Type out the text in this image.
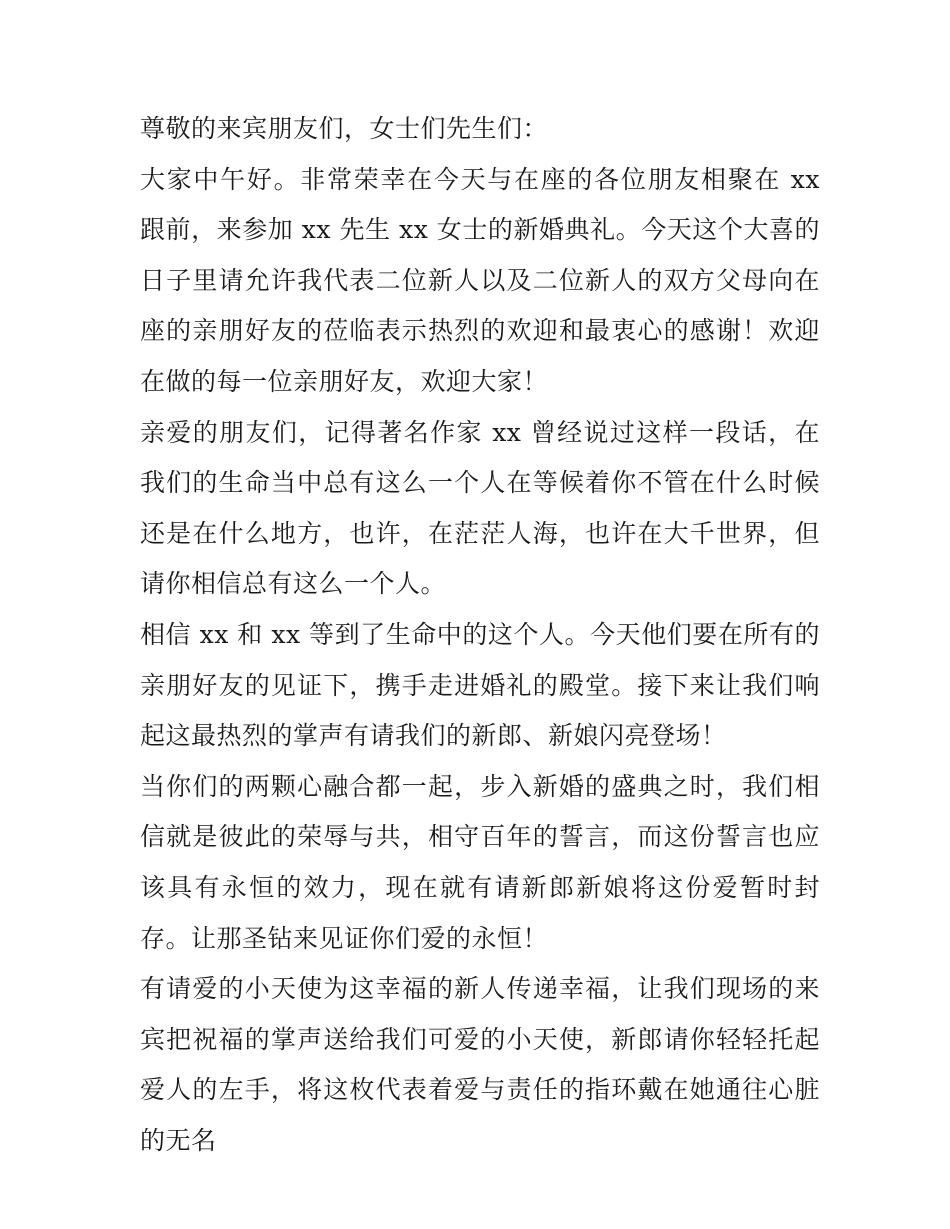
尊敬的来宾朋友们，女士们先生们：

大家中午好。非常荣幸在今天与在座的各位朋友相聚在 xx 跟前，来参加 xx 先生 xx 女士的新婚典礼。今天这个大喜的日子里请允许我代表二位新人以及二位新人的双方父母向在座的亲朋好友的莅临表示热烈的欢迎和最衷心的感谢！欢迎在做的每一位亲朋好友，欢迎大家！

亲爱的朋友们，记得著名作家 xx 曾经说过这样一段话，在我们的生命当中总有这么一个人在等候着你不管在什么时候还是在什么地方，也许，在茫茫人海，也许在大千世界，但请你相信总有这么一个人。

相信 xx 和 xx 等到了生命中的这个人。今天他们要在所有的亲朋好友的见证下，携手走进婚礼的殿堂。接下来让我们响起这最热烈的掌声有请我们的新郎、新娘闪亮登场！

当你们的两颗心融合都一起，步入新婚的盛典之时，我们相信就是彼此的荣辱与共，相守百年的誓言，而这份誓言也应该具有永恒的效力，现在就有请新郎新娘将这份爱暂时封存。让那圣钻来见证你们爱的永恒！

有请爱的小天使为这幸福的新人传递幸福，让我们现场的来宾把祝福的掌声送给我们可爱的小天使，新郎请你轻轻托起爱人的左手，将这枚代表着爱与责任的指环戴在她通往心脏的无名
